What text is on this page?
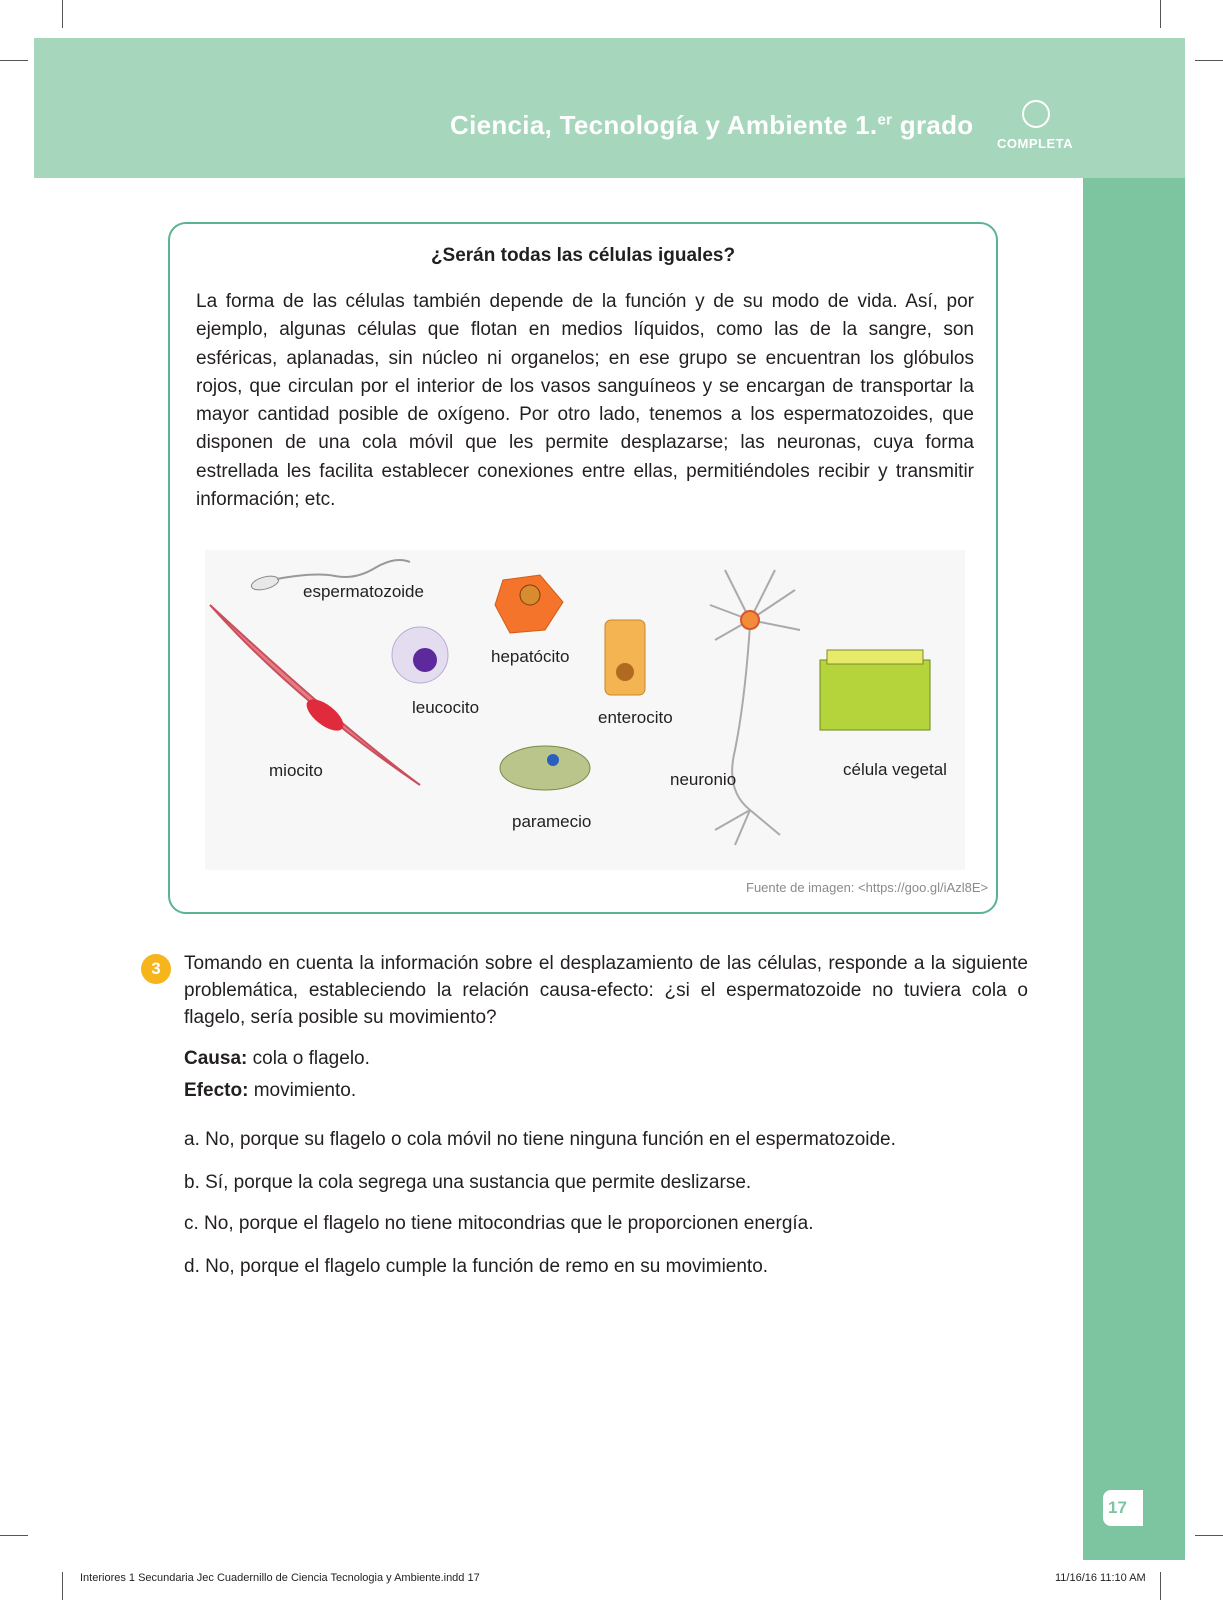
Ciencia, Tecnología y Ambiente 1.$^{er}$ grado
COMPLETA
17
¿Serán todas las células iguales?
La forma de las células también depende de la función y de su modo de vida. Así, por ejemplo, algunas células que flotan en medios líquidos, como las de la sangre, son esféricas, aplanadas, sin núcleo ni organelos; en ese grupo se encuentran los glóbulos rojos, que circulan por el interior de los vasos sanguíneos y se encargan de transportar la mayor cantidad posible de oxígeno. Por otro lado, tenemos a los espermatozoides, que disponen de una cola móvil que les permite desplazarse; las neuronas, cuya forma estrellada les facilita establecer conexiones entre ellas, permitiéndoles recibir y transmitir información; etc.
espermatozoide
hepatócito
leucocito
enterocito
miocito	neuronio
célula vegetal
paramecio
Fuente de imagen: <https://goo.gl/iAzl8E>
3	Tomando en cuenta la información sobre el desplazamiento de las células, responde a la siguiente problemática, estableciendo la relación causa-efecto: ¿si el espermatozoide no tuviera cola o flagelo, sería posible su movimiento?
Causa: cola o flagelo.
Efecto: movimiento.
a. No, porque su flagelo o cola móvil no tiene ninguna función en el espermatozoide.
b. Sí, porque la cola segrega una sustancia que permite deslizarse.
c. No, porque el flagelo no tiene mitocondrias que le proporcionen energía.
d. No, porque el flagelo cumple la función de remo en su movimiento.
Interiores 1 Secundaria Jec Cuadernillo de Ciencia Tecnologia y Ambiente.indd 17	11/16/16 11:10 AM
